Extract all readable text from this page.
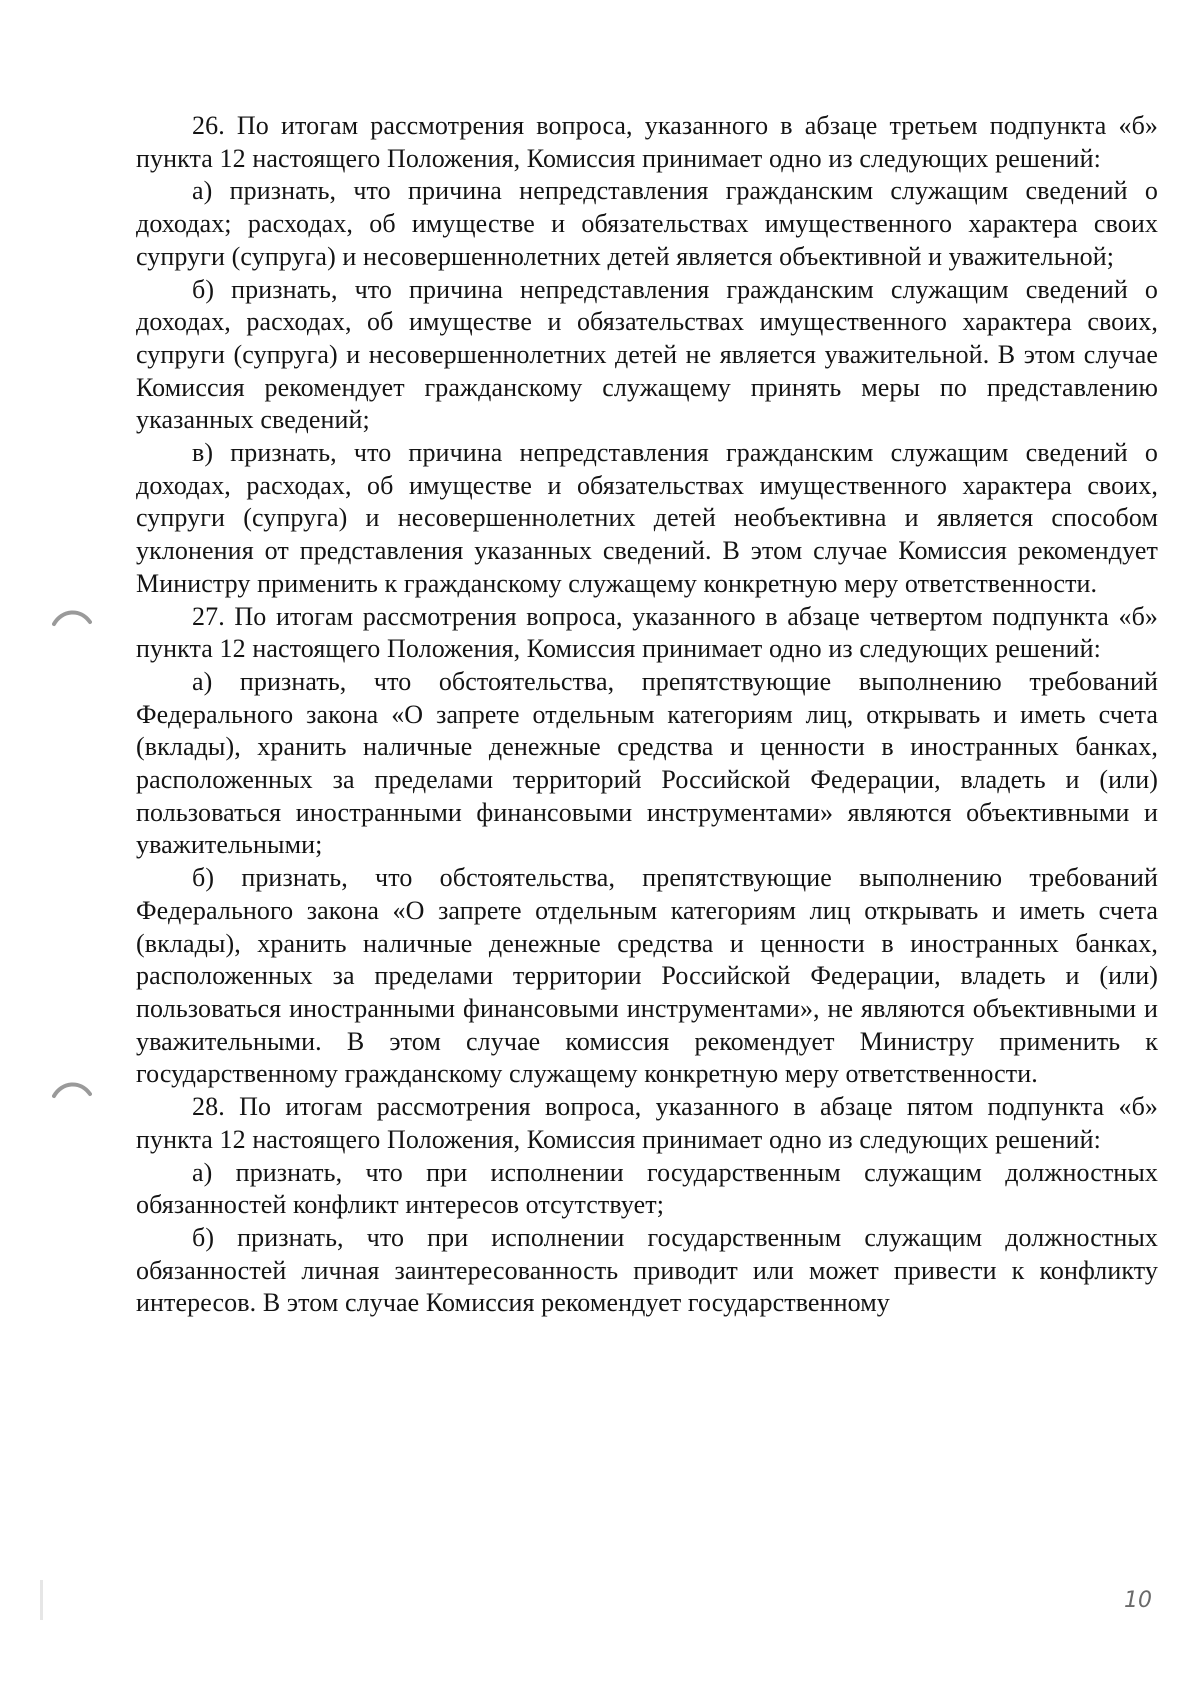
26. По итогам рассмотрения вопроса, указанного в абзаце третьем подпункта «б» пункта 12 настоящего Положения, Комиссия принимает одно из следующих решений:

а) признать, что причина непредставления гражданским служащим сведений о доходах; расходах, об имуществе и обязательствах имущественного характера своих супруги (супруга) и несовершеннолетних детей является объективной и уважительной;

б) признать, что причина непредставления гражданским служащим сведений о доходах, расходах, об имуществе и обязательствах имущественного характера своих, супруги (супруга) и несовершеннолетних детей не является уважительной. В этом случае Комиссия рекомендует гражданскому служащему принять меры по представлению указанных сведений;

в) признать, что причина непредставления гражданским служащим сведений о доходах, расходах, об имуществе и обязательствах имущественного характера своих, супруги (супруга) и несовершеннолетних детей необъективна и является способом уклонения от представления указанных сведений. В этом случае Комиссия рекомендует Министру применить к гражданскому служащему конкретную меру ответственности.

27. По итогам рассмотрения вопроса, указанного в абзаце четвертом подпункта «б» пункта 12 настоящего Положения, Комиссия принимает одно из следующих решений:

а) признать, что обстоятельства, препятствующие выполнению требований Федерального закона «О запрете отдельным категориям лиц, открывать и иметь счета (вклады), хранить наличные денежные средства и ценности в иностранных банках, расположенных за пределами территорий Российской Федерации, владеть и (или) пользоваться иностранными финансовыми инструментами» являются объективными и уважительными;

б) признать, что обстоятельства, препятствующие выполнению требований Федерального закона «О запрете отдельным категориям лиц открывать и иметь счета (вклады), хранить наличные денежные средства и ценности в иностранных банках, расположенных за пределами территории Российской Федерации, владеть и (или) пользоваться иностранными финансовыми инструментами», не являются объективными и уважительными. В этом случае комиссия рекомендует Министру применить к государственному гражданскому служащему конкретную меру ответственности.

28. По итогам рассмотрения вопроса, указанного в абзаце пятом подпункта «б» пункта 12 настоящего Положения, Комиссия принимает одно из следующих решений:

а) признать, что при исполнении государственным служащим должностных обязанностей конфликт интересов отсутствует;

б) признать, что при исполнении государственным служащим должностных обязанностей личная заинтересованность приводит или может привести к конфликту интересов. В этом случае Комиссия рекомендует государственному

10
